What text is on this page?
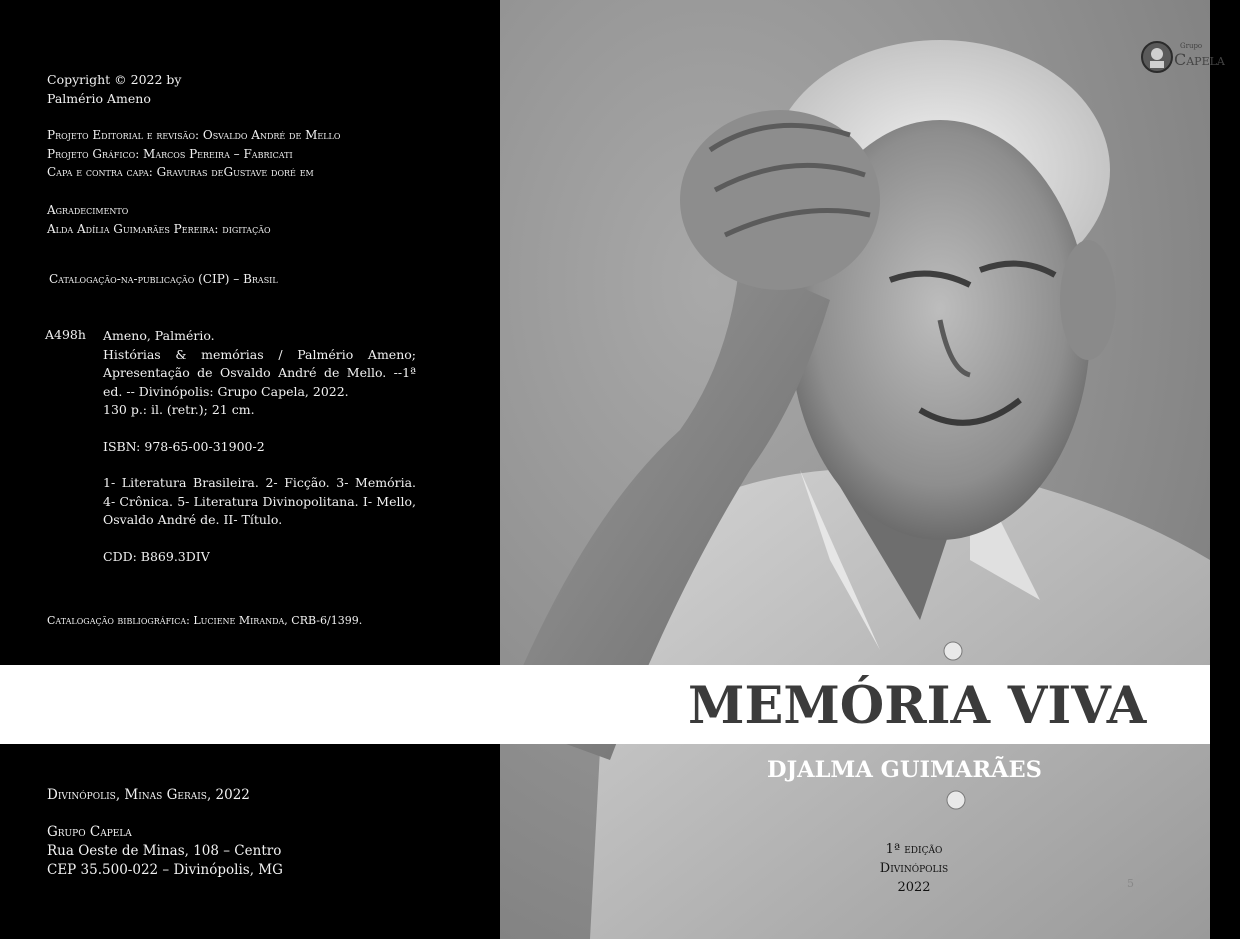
Copyright © 2022 by
Palmério Ameno
Projeto Editorial e revisão: Osvaldo André de Mello
Projeto Gráfico: Marcos Pereira – Fabricati
Capa e contra capa: Gravuras deGustave doré em
Agradecimento
Alda Adília Guimarães Pereira: digitação
Catalogação-na-publicação (CIP) – Brasil
A498h Ameno, Palmério.
Histórias & memórias / Palmério Ameno; Apresentação de Osvaldo André de Mello. --1ª ed. -- Divinópolis: Grupo Capela, 2022.
130 p.: il. (retr.); 21 cm.
ISBN: 978-65-00-31900-2
1- Literatura Brasileira. 2- Ficção. 3- Memória. 4- Crônica. 5- Literatura Divinopolitana. I- Mello, Osvaldo André de. II- Título.
CDD: B869.3DIV
Catalogação bibliográfica: Luciene Miranda, CRB-6/1399.
Divinópolis, Minas Gerais, 2022
Grupo Capela
Rua Oeste de Minas, 108 – Centro
CEP 35.500-022 – Divinópolis, MG
Grupo
Capela
MEMÓRIA VIVA
DJALMA GUIMARÃES
1ª edição
Divinópolis
2022	5
